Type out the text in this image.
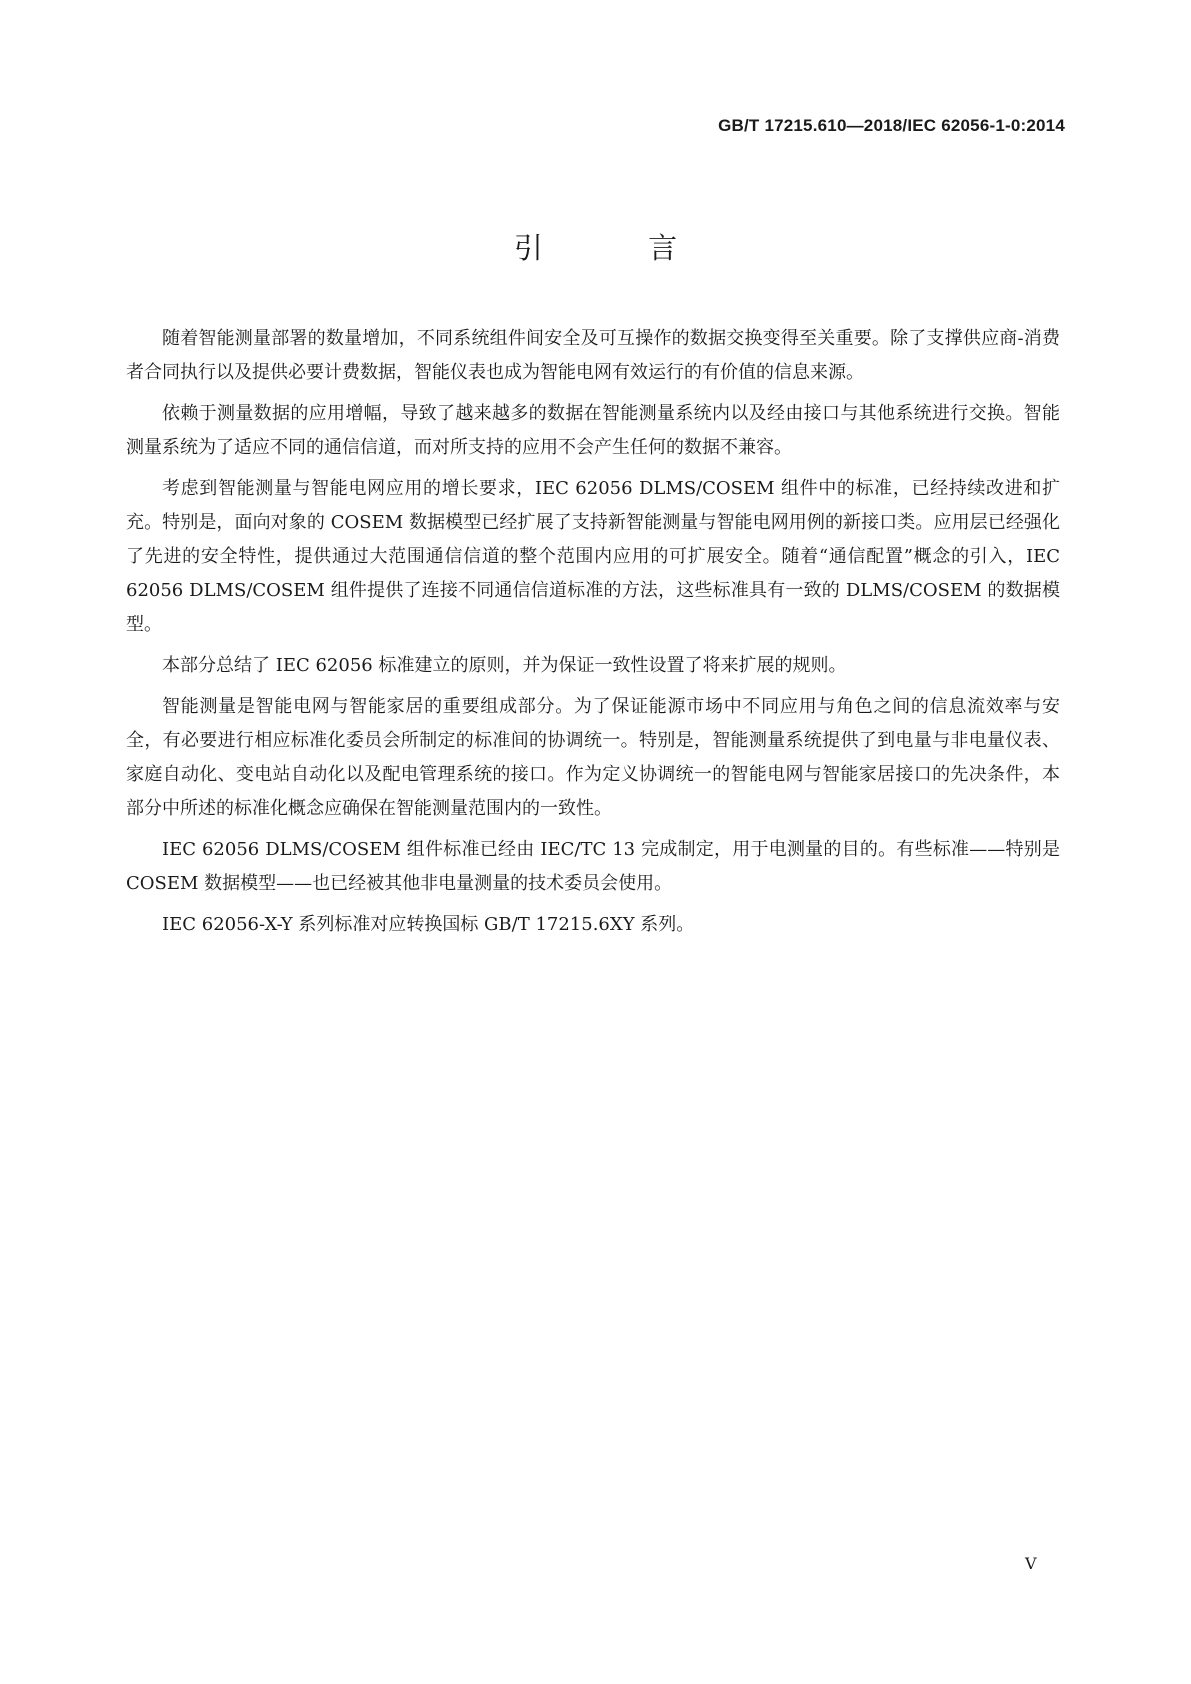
GB/T 17215.610—2018/IEC 62056-1-0:2014
引 言

随着智能测量部署的数量增加，不同系统组件间安全及可互操作的数据交换变得至关重要。除了支撑供应商-消费者合同执行以及提供必要计费数据，智能仪表也成为智能电网有效运行的有价值的信息来源。

依赖于测量数据的应用增幅，导致了越来越多的数据在智能测量系统内以及经由接口与其他系统进行交换。智能测量系统为了适应不同的通信信道，而对所支持的应用不会产生任何的数据不兼容。

考虑到智能测量与智能电网应用的增长要求，IEC 62056 DLMS/COSEM 组件中的标准，已经持续改进和扩充。特别是，面向对象的 COSEM 数据模型已经扩展了支持新智能测量与智能电网用例的新接口类。应用层已经强化了先进的安全特性，提供通过大范围通信信道的整个范围内应用的可扩展安全。随着“通信配置”概念的引入，IEC 62056 DLMS/COSEM 组件提供了连接不同通信信道标准的方法，这些标准具有一致的 DLMS/COSEM 的数据模型。

本部分总结了 IEC 62056 标准建立的原则，并为保证一致性设置了将来扩展的规则。

智能测量是智能电网与智能家居的重要组成部分。为了保证能源市场中不同应用与角色之间的信息流效率与安全，有必要进行相应标准化委员会所制定的标准间的协调统一。特别是，智能测量系统提供了到电量与非电量仪表、家庭自动化、变电站自动化以及配电管理系统的接口。作为定义协调统一的智能电网与智能家居接口的先决条件，本部分中所述的标准化概念应确保在智能测量范围内的一致性。

IEC 62056 DLMS/COSEM 组件标准已经由 IEC/TC 13 完成制定，用于电测量的目的。有些标准——特别是 COSEM 数据模型——也已经被其他非电量测量的技术委员会使用。

IEC 62056-X-Y 系列标准对应转换国标 GB/T 17215.6XY 系列。

V
